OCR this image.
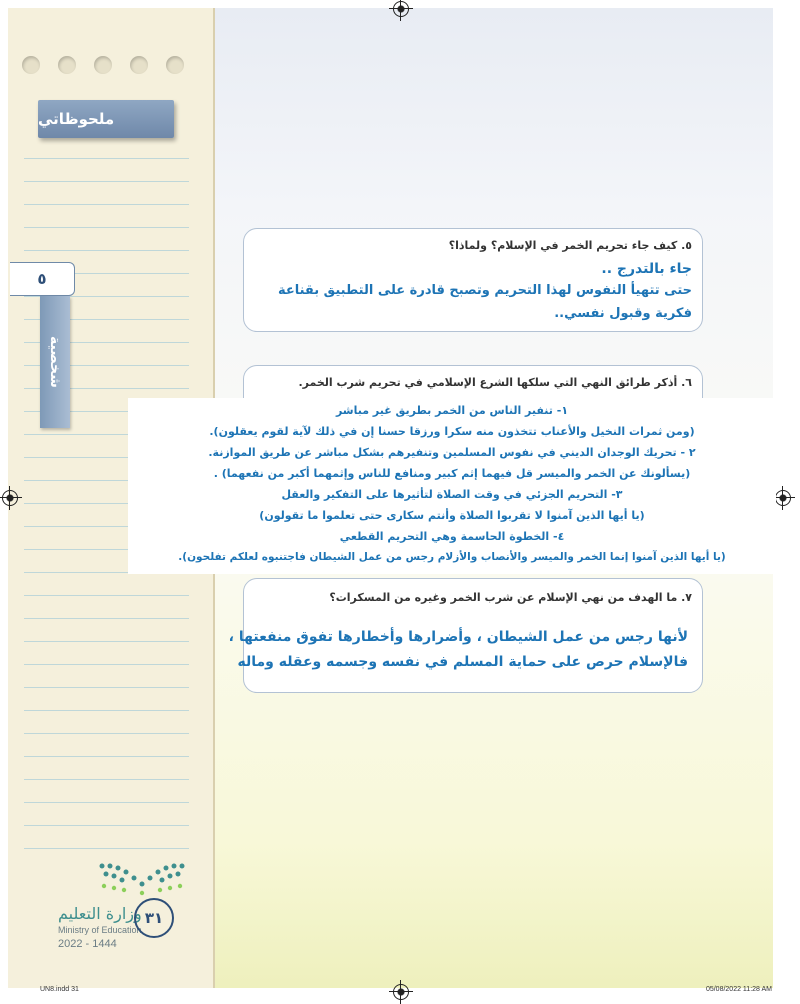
ملحوظاتي
٥
شخصية
٥. كيف جاء تحريم الخمر في الإسلام؟ ولماذا؟
جاء بالتدرج ..
حتى تتهيأ النفوس لهذا التحريم وتصبح قادرة على التطبيق بقناعة
فكرية وقبول نفسي..
٦. أذكر طرائق النهي التي سلكها الشرع الإسلامي في تحريم شرب الخمر.
١- تنفير الناس من الخمر بطريق غير مباشر
(ومن ثمرات النخيل والأعناب تتخذون منه سكرا ورزقا حسنا إن في ذلك لآية لقوم يعقلون).
٢ - تحريك الوجدان الديني في نفوس المسلمين وتنفيرهم بشكل مباشر عن طريق الموازنة.
(يسألونك عن الخمر والميسر قل فيهما إثم كبير ومنافع للناس وإثمهما أكبر من نفعهما) .
٣- التحريم الجزئي في وقت الصلاة لتأثيرها على التفكير والعقل
(يا أيها الذين آمنوا لا تقربوا الصلاة وأنتم سكارى حتى تعلموا ما تقولون)
٤- الخطوة الحاسمة وهي التحريم القطعي
(يا أيها الذين آمنوا إنما الخمر والميسر والأنصاب والأزلام رجس من عمل الشيطان فاجتنبوه لعلكم تفلحون).
٧. ما الهدف من نهي الإسلام عن شرب الخمر وغيره من المسكرات؟
لأنها رجس من عمل الشيطان ، وأضرارها وأخطارها تفوق منفعتها ،
فالإسلام حرص على حماية المسلم في نفسه وجسمه وعقله وماله
وزارة التعليم
Ministry of Education
2022 - 1444
٣١
UN8.indd 31	05/08/2022 11:28 AM
